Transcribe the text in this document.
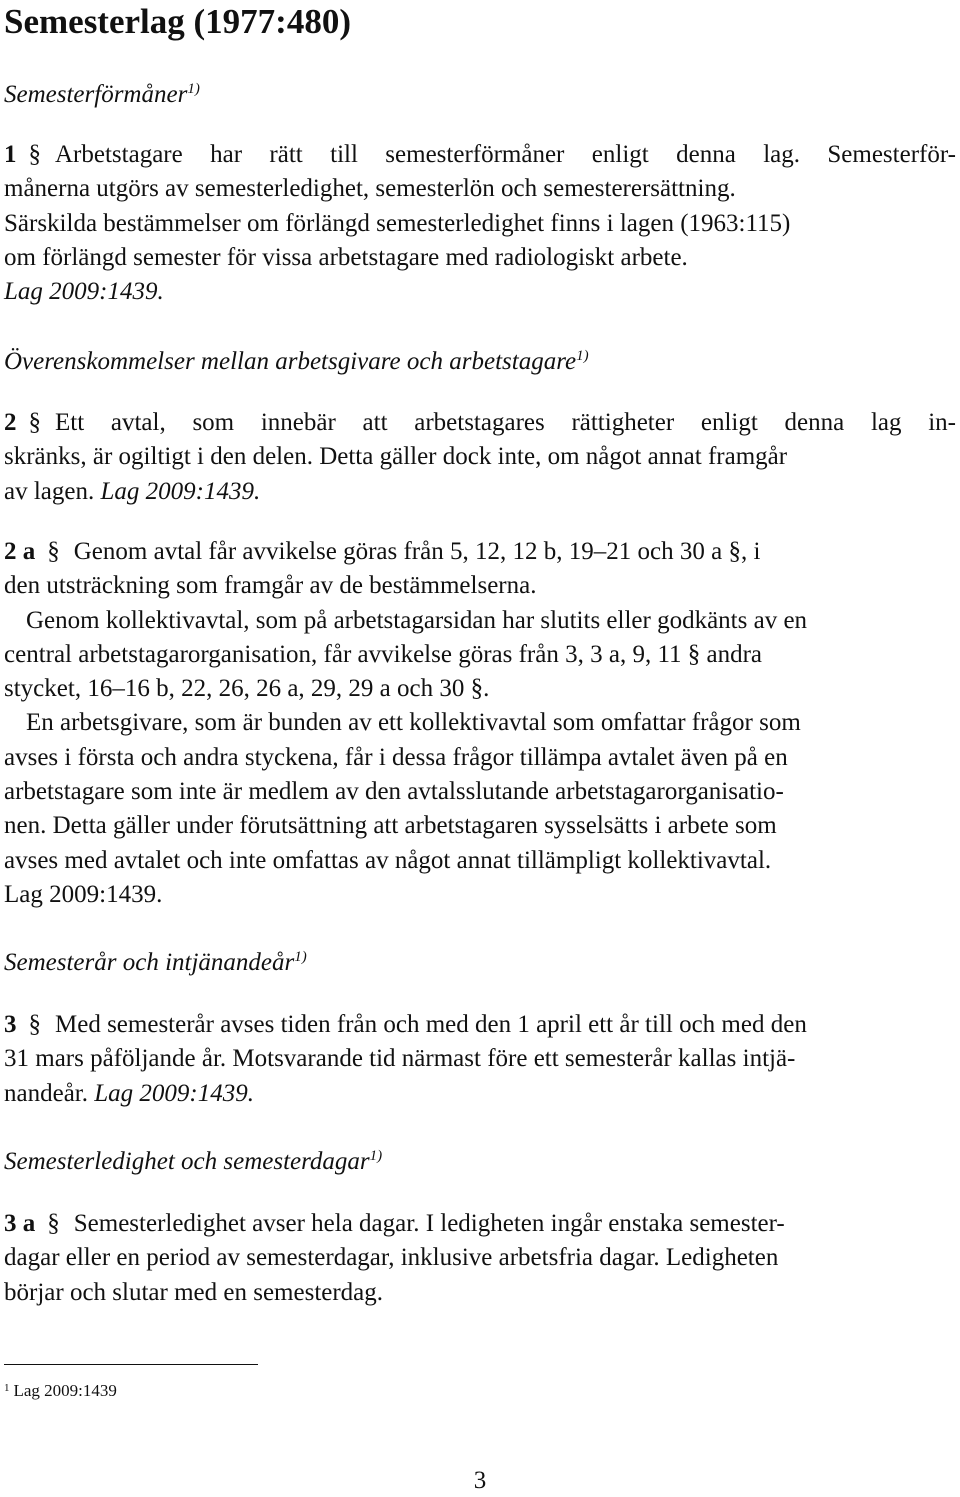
Semesterlag (1977:480)
Semesterförmåner$^{1)}$
1 § Arbetstagare har rätt till semesterförmåner enligt denna lag. Semesterför-
månerna utgörs av semesterledighet, semesterlön och semesterersättning.
Särskilda bestämmelser om förlängd semesterledighet finns i lagen (1963:115)
om förlängd semester för vissa arbetstagare med radiologiskt arbete.
Lag 2009:1439.
Överenskommelser mellan arbetsgivare och arbetstagare$^{1)}$
2 § Ett avtal, som innebär att arbetstagares rättigheter enligt denna lag in-
skränks, är ogiltigt i den delen. Detta gäller dock inte, om något annat framgår
av lagen. Lag 2009:1439.
2 a § Genom avtal får avvikelse göras från 5, 12, 12 b, 19–21 och 30 a §, i
den utsträckning som framgår av de bestämmelserna.
Genom kollektivavtal, som på arbetstagarsidan har slutits eller godkänts av en
central arbetstagarorganisation, får avvikelse göras från 3, 3 a, 9, 11 § andra
stycket, 16–16 b, 22, 26, 26 a, 29, 29 a och 30 §.
En arbetsgivare, som är bunden av ett kollektivavtal som omfattar frågor som
avses i första och andra styckena, får i dessa frågor tillämpa avtalet även på en
arbetstagare som inte är medlem av den avtalsslutande arbetstagarorganisatio-
nen. Detta gäller under förutsättning att arbetstagaren sysselsätts i arbete som
avses med avtalet och inte omfattas av något annat tillämpligt kollektivavtal.
Lag 2009:1439.
Semesterår och intjänandeår$^{1)}$
3 § Med semesterår avses tiden från och med den 1 april ett år till och med den
31 mars påföljande år. Motsvarande tid närmast före ett semesterår kallas intjä-
nandeår. Lag 2009:1439.
Semesterledighet och semesterdagar$^{1)}$
3 a § Semesterledighet avser hela dagar. I ledigheten ingår enstaka semester-
dagar eller en period av semesterdagar, inklusive arbetsfria dagar. Ledigheten
börjar och slutar med en semesterdag.
$^1$ Lag 2009:1439
3
